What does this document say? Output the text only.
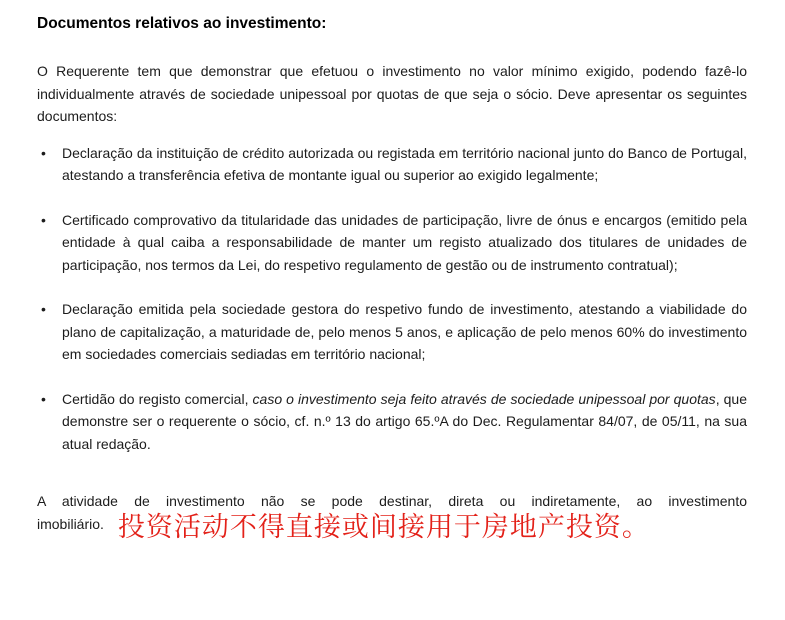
Documentos relativos ao investimento:

O Requerente tem que demonstrar que efetuou o investimento no valor mínimo exigido, podendo fazê-lo individualmente através de sociedade unipessoal por quotas de que seja o sócio. Deve apresentar os seguintes documentos:

• Declaração da instituição de crédito autorizada ou registada em território nacional junto do Banco de Portugal, atestando a transferência efetiva de montante igual ou superior ao exigido legalmente;
• Certificado comprovativo da titularidade das unidades de participação, livre de ónus e encargos (emitido pela entidade à qual caiba a responsabilidade de manter um registo atualizado dos titulares de unidades de participação, nos termos da Lei, do respetivo regulamento de gestão ou de instrumento contratual);
• Declaração emitida pela sociedade gestora do respetivo fundo de investimento, atestando a viabilidade do plano de capitalização, a maturidade de, pelo menos 5 anos, e aplicação de pelo menos 60% do investimento em sociedades comerciais sediadas em território nacional;
• Certidão do registo comercial, caso o investimento seja feito através de sociedade unipessoal por quotas, que demonstre ser o requerente o sócio, cf. n.º 13 do artigo 65.ºA do Dec. Regulamentar 84/07, de 05/11, na sua atual redação.

A atividade de investimento não se pode destinar, direta ou indiretamente, ao investimento
imobiliário. 投资活动不得直接或间接用于房地产投资。
